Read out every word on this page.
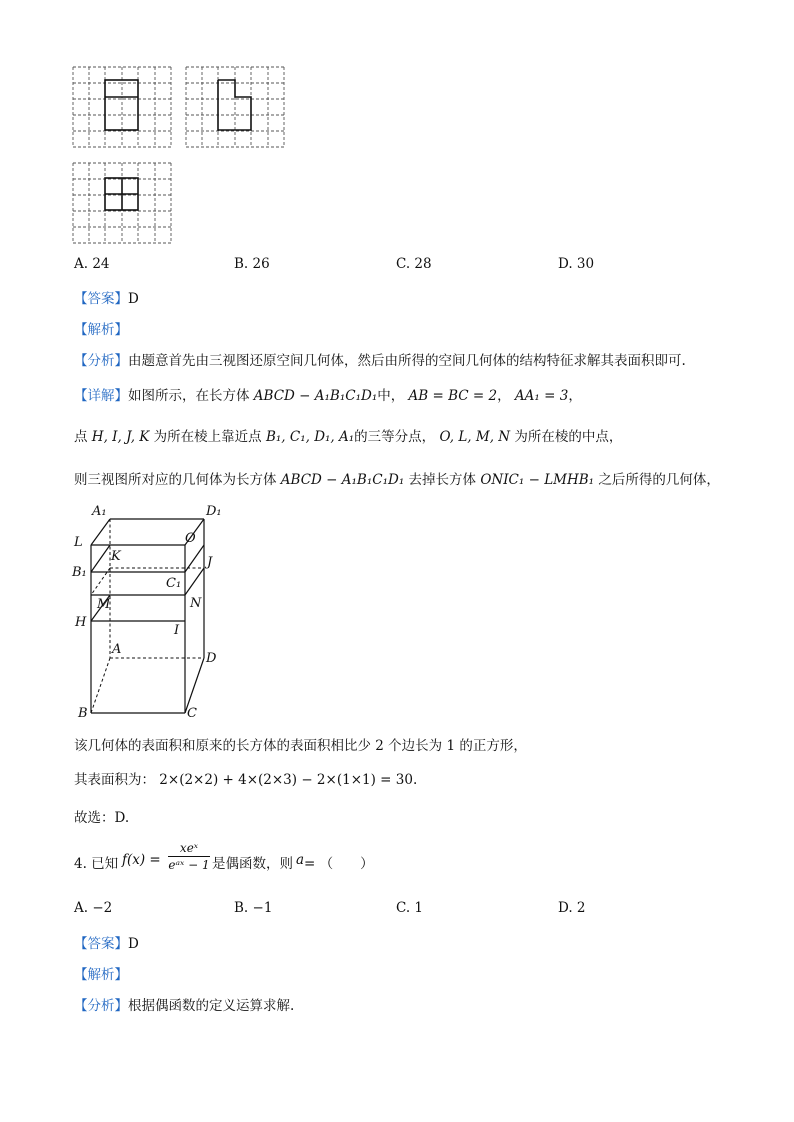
A. 24	B. 26	C. 28	D. 30
【答案】D
【解析】
【分析】由题意首先由三视图还原空间几何体，然后由所得的空间几何体的结构特征求解其表面积即可.
【详解】如图所示，在长方体 ABCD − A₁B₁C₁D₁中， AB = BC = 2， AA₁ = 3，
点 H, I, J, K 为所在棱上靠近点 B₁, C₁, D₁, A₁的三等分点， O, L, M, N 为所在棱的中点，
则三视图所对应的几何体为长方体 ABCD − A₁B₁C₁D₁ 去掉长方体 ONIC₁ − LMHB₁ 之后所得的几何体，
A₁	D₁
L	O
K	J
B₁
C₁
M	N
H
I
A
D
B	C
该几何体的表面积和原来的长方体的表面积相比少 2 个边长为 1 的正方形，
其表面积为： 2×(2×2) + 4×(2×3) − 2×(1×1) = 30.
故选：D.
4. 已知 f(x) =
xeˣ
eᵃˣ − 1 是偶函数，则 a = （　　）
A. −2	B. −1	C. 1	D. 2
【答案】D
【解析】
【分析】根据偶函数的定义运算求解.
